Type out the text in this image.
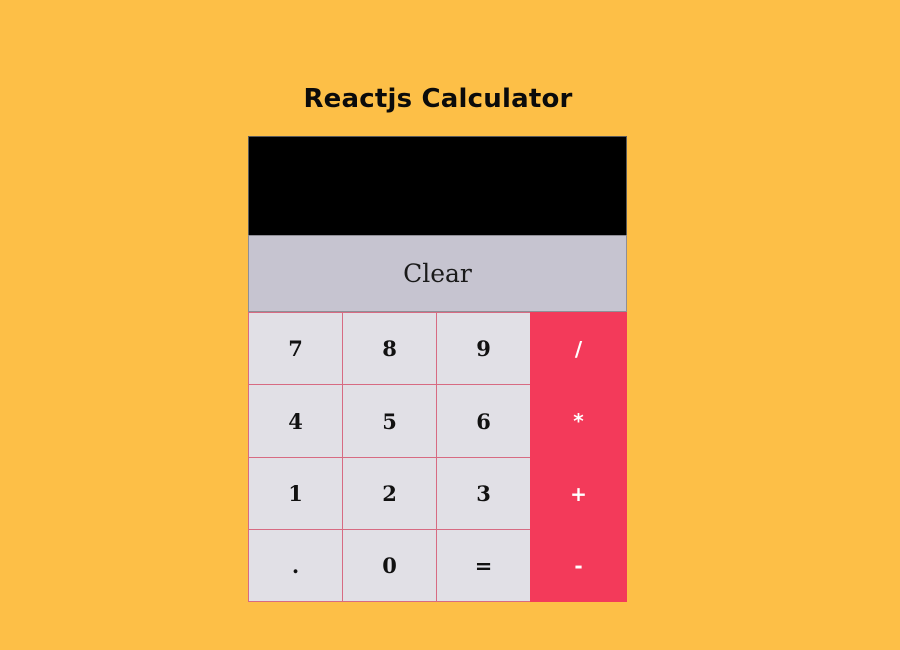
Reactjs Calculator
Clear
7	8	9	/
4	5	6	*
1	2	3	+
.	0	=	-
